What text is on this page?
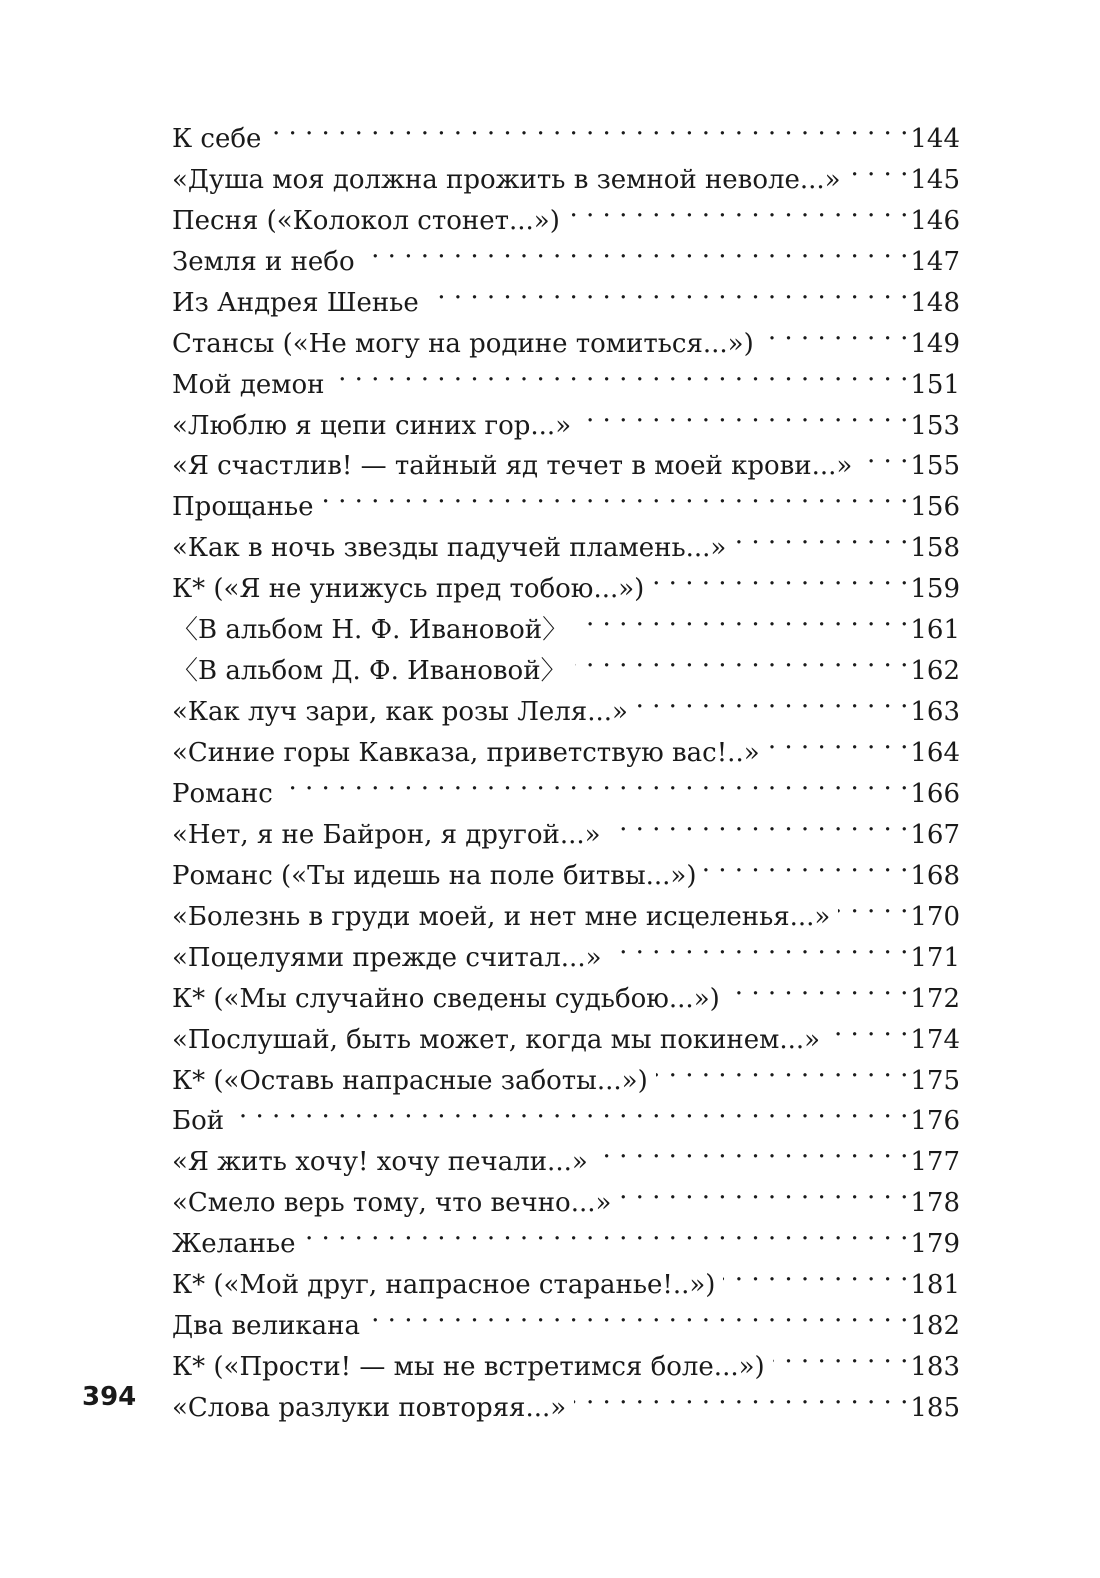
К себе . . .	144
«Душа моя должна прожить в земной неволе...» . . .	145
Песня («Колокол стонет...») . . .	146
Земля и небо . . .	147
Из Андрея Шенье . . .	148
Стансы («Не могу на родине томиться...») . . .	149
Мой демон . . .	151
«Люблю я цепи синих гор...» . . .	153
«Я счастлив! — тайный яд течет в моей крови...» . . .	155
Прощанье . . .	156
«Как в ночь звезды падучей пламень...» . . .	158
К* («Я не унижусь пред тобою...») . . .	159
〈В альбом Н. Ф. Ивановой〉 . . .	161
〈В альбом Д. Ф. Ивановой〉 . . .	162
«Как луч зари, как розы Леля...» . . .	163
«Синие горы Кавказа, приветствую вас!..» . . .	164
Романс . . .	166
«Нет, я не Байрон, я другой...» . . .	167
Романс («Ты идешь на поле битвы...») . . .	168
«Болезнь в груди моей, и нет мне исцеленья...» . . .	170
«Поцелуями прежде считал...» . . .	171
К* («Мы случайно сведены судьбою...») . . .	172
«Послушай, быть может, когда мы покинем...» . . .	174
К* («Оставь напрасные заботы...») . . .	175
Бой . . .	176
«Я жить хочу! хочу печали...» . . .	177
«Смело верь тому, что вечно...» . . .	178
Желанье . . .	179
К* («Мой друг, напрасное старанье!..») . . .	181
Два великана . . .	182
К* («Прости! — мы не встретимся боле...») . . .	183
«Слова разлуки повторяя...» . . .	185
394
